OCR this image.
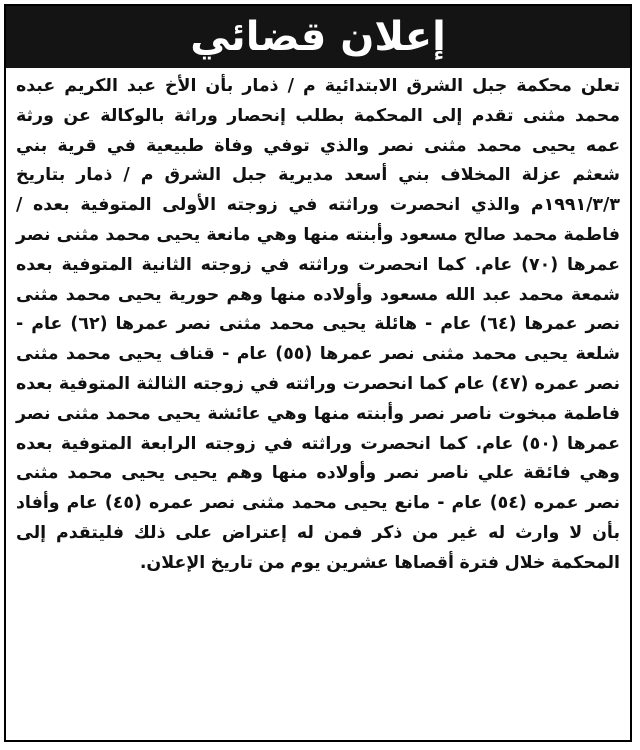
إعلان قضائي
تعلن محكمة جبل الشرق الابتدائية م / ذمار بأن الأخ عبد الكريم عبده محمد مثنى تقدم إلى المحكمة بطلب إنحصار وراثة بالوكالة عن ورثة عمه يحيى محمد مثنى نصر والذي توفي وفاة طبيعية في قرية بني شعثم عزلة المخلاف بني أسعد مديرية جبل الشرق م / ذمار بتاريخ ١٩٩١/٣/٣م والذي انحصرت وراثته في زوجته الأولى المتوفية بعده / فاطمة محمد صالح مسعود وأبنته منها وهي مانعة يحيى محمد مثنى نصر عمرها (٧٠) عام. كما انحصرت وراثته في زوجته الثانية المتوفية بعده شمعة محمد عبد الله مسعود وأولاده منها وهم حورية يحيى محمد مثنى نصر عمرها (٦٤) عام - هائلة يحيى محمد مثنى نصر عمرها (٦٢) عام - شلعة يحيى محمد مثنى نصر عمرها (٥٥) عام - قناف يحيى محمد مثنى نصر عمره (٤٧) عام كما انحصرت وراثته في زوجته الثالثة المتوفية بعده فاطمة مبخوت ناصر نصر وأبنته منها وهي عائشة يحيى محمد مثنى نصر عمرها (٥٠) عام. كما انحصرت وراثته في زوجته الرابعة المتوفية بعده وهي فائقة علي ناصر نصر وأولاده منها وهم يحيى يحيى محمد مثنى نصر عمره (٥٤) عام - مانع يحيى محمد مثنى نصر عمره (٤٥) عام وأفاد بأن لا وارث له غير من ذكر فمن له إعتراض على ذلك فليتقدم إلى المحكمة خلال فترة أقصاها عشرين يوم من تاريخ الإعلان.
